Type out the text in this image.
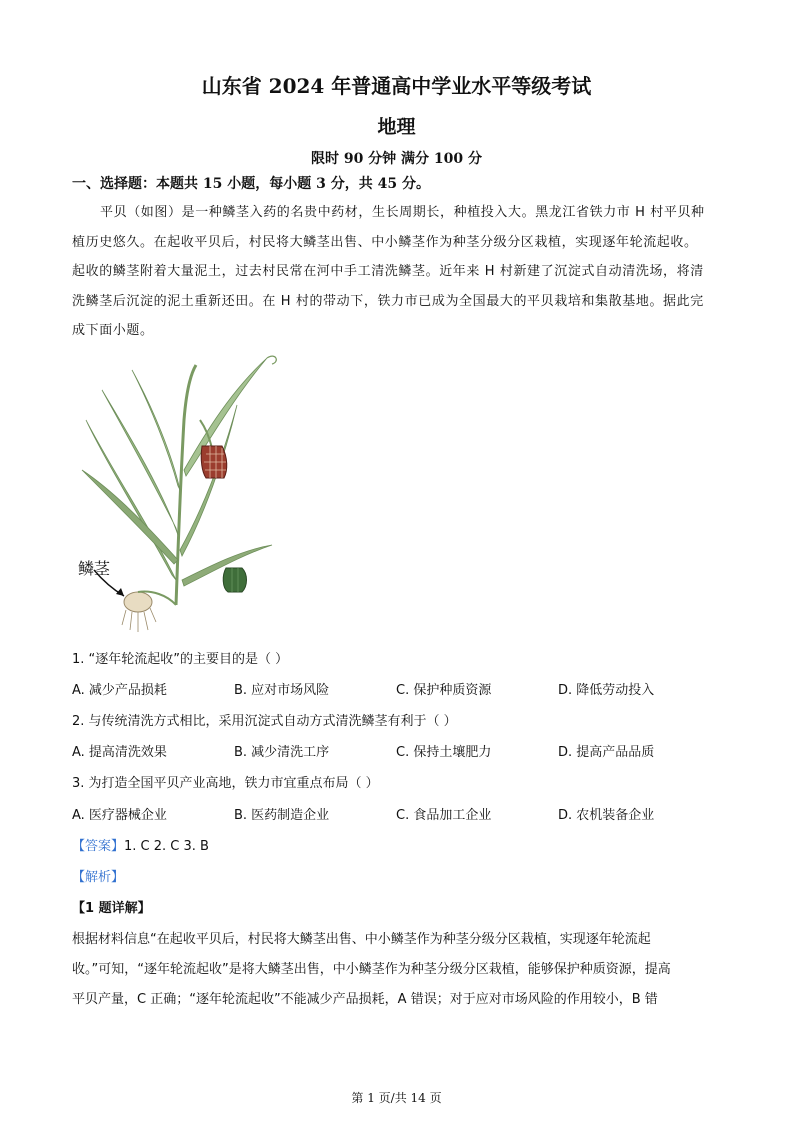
山东省 2024 年普通高中学业水平等级考试
地理
限时 90 分钟 满分 100 分
一、选择题：本题共 15 小题，每小题 3 分，共 45 分。

平贝（如图）是一种鳞茎入药的名贵中药材，生长周期长，种植投入大。黑龙江省铁力市 H 村平贝种

植历史悠久。在起收平贝后，村民将大鳞茎出售、中小鳞茎作为种茎分级分区栽植，实现逐年轮流起收。

起收的鳞茎附着大量泥土，过去村民常在河中手工清洗鳞茎。近年来 H 村新建了沉淀式自动清洗场，将清

洗鳞茎后沉淀的泥土重新还田。在 H 村的带动下，铁力市已成为全国最大的平贝栽培和集散基地。据此完

成下面小题。

鳞茎
1. “逐年轮流起收”的主要目的是（ ）
A. 减少产品损耗	B. 应对市场风险	C. 保护种质资源	D. 降低劳动投入
2. 与传统清洗方式相比，采用沉淀式自动方式清洗鳞茎有利于（ ）
A. 提高清洗效果	B. 减少清洗工序	C. 保持土壤肥力	D. 提高产品品质
3. 为打造全国平贝产业高地，铁力市宜重点布局（ ）
A. 医疗器械企业	B. 医药制造企业	C. 食品加工企业	D. 农机装备企业
【答案】1. C 2. C 3. B
【解析】
【1 题详解】

根据材料信息“在起收平贝后，村民将大鳞茎出售、中小鳞茎作为种茎分级分区栽植，实现逐年轮流起

收。”可知，“逐年轮流起收”是将大鳞茎出售，中小鳞茎作为种茎分级分区栽植，能够保护种质资源，提高

平贝产量，C 正确；“逐年轮流起收”不能减少产品损耗，A 错误；对于应对市场风险的作用较小，B 错

第 1 页/共 14 页
